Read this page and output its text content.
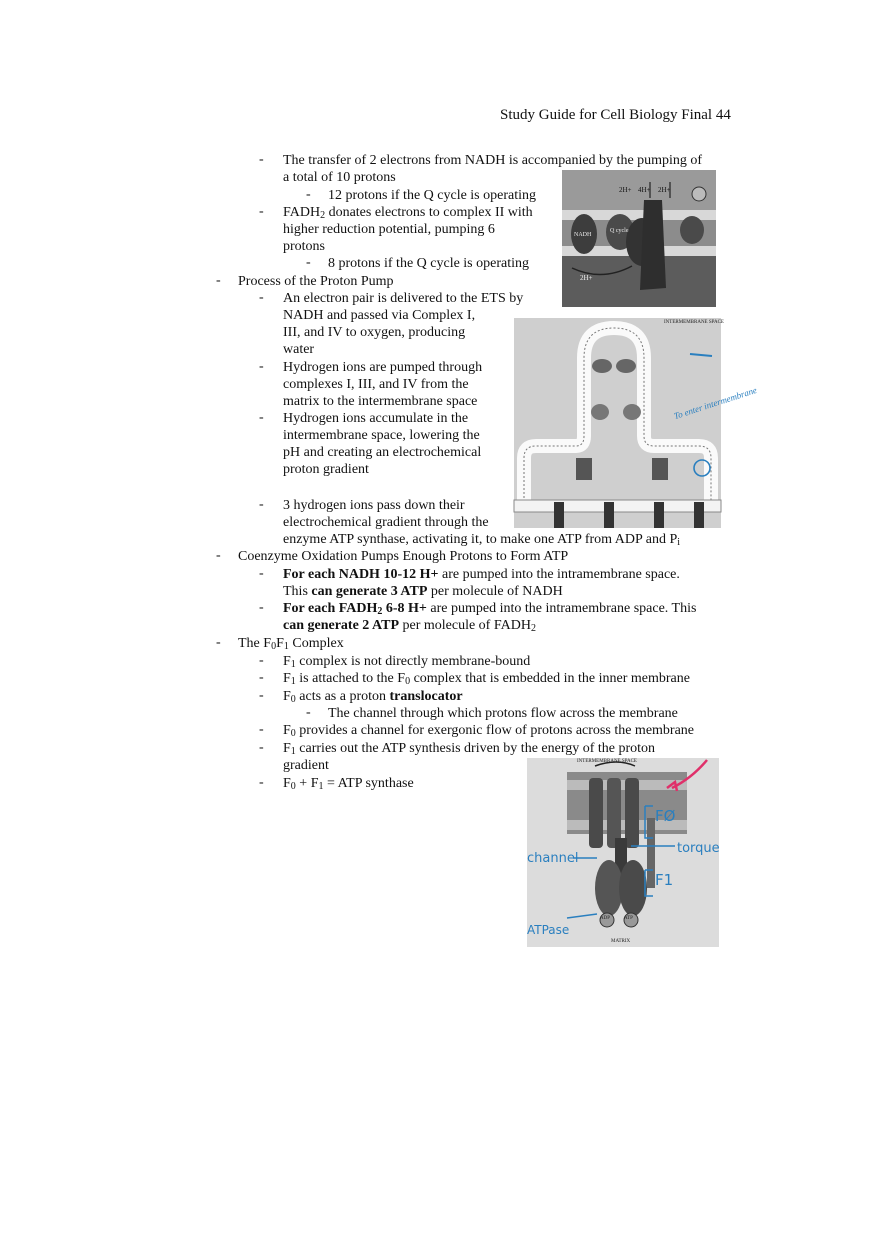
Study Guide for Cell Biology Final 44
- The transfer of 2 electrons from NADH is accompanied by the pumping of
a total of 10 protons
- 12 protons if the Q cycle is operating
- $FADH_2$ donates electrons to complex II with
higher reduction potential, pumping 6
protons
- 8 protons if the Q cycle is operating
- Process of the Proton Pump
- An electron pair is delivered to the ETS by
NADH and passed via Complex I,
III, and IV to oxygen, producing
water
- Hydrogen ions are pumped through
complexes I, III, and IV from the
matrix to the intermembrane space
- Hydrogen ions accumulate in the
intermembrane space, lowering the
pH and creating an electrochemical
proton gradient
- 3 hydrogen ions pass down their
electrochemical gradient through the
enzyme ATP synthase, activating it, to make one ATP from ADP and $P_i$
- Coenzyme Oxidation Pumps Enough Protons to Form ATP
- For each NADH 10-12 H+ are pumped into the intramembrane space.
This can generate 3 ATP per molecule of NADH
- For each $FADH_2$ 6-8 H+ are pumped into the intramembrane space. This
can generate 2 ATP per molecule of $FADH_2$
- The $F_0F_1$ Complex
- $F_1$ complex is not directly membrane-bound
- $F_1$ is attached to the $F_0$ complex that is embedded in the inner membrane
- $F_0$ acts as a proton translocator
- The channel through which protons flow across the membrane
- $F_0$ provides a channel for exergonic flow of protons across the membrane
- $F_1$ carries out the ATP synthesis driven by the energy of the proton
gradient
- $F_0 + F_1$ = ATP synthase
2H+ 4H+ 2H+
NADH
Q cycle
2H+
INTERMEMBRANE SPACE
To enter intermembrane
INTERMEMBRANE SPACE
MATRIX
ADP	ATP
FØ
torque
channel
F1
ATPase
